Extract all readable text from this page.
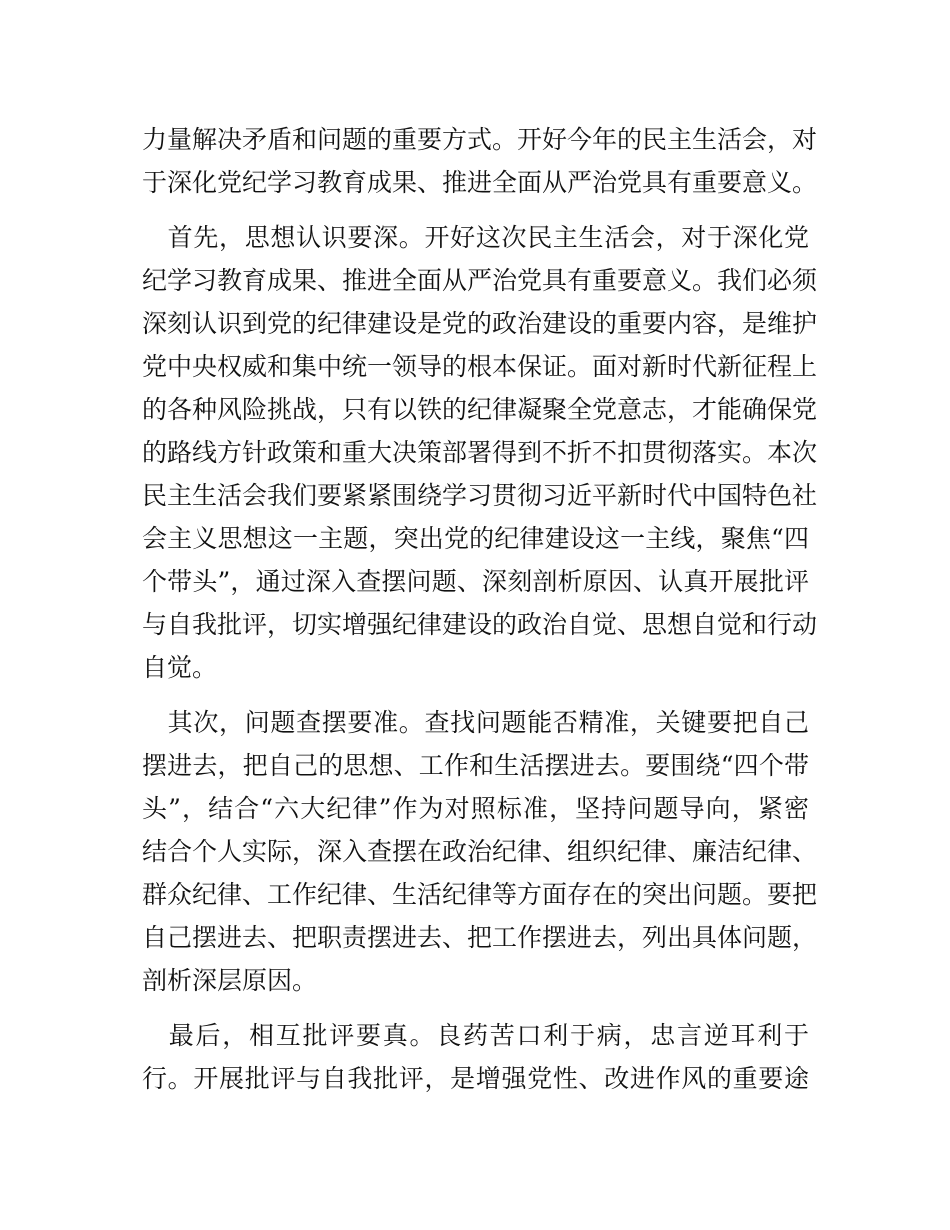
力量解决矛盾和问题的重要方式。开好今年的民主生活会，对
于深化党纪学习教育成果、推进全面从严治党具有重要意义。
　首先，思想认识要深。开好这次民主生活会，对于深化党
纪学习教育成果、推进全面从严治党具有重要意义。我们必须
深刻认识到党的纪律建设是党的政治建设的重要内容，是维护
党中央权威和集中统一领导的根本保证。面对新时代新征程上
的各种风险挑战，只有以铁的纪律凝聚全党意志，才能确保党
的路线方针政策和重大决策部署得到不折不扣贯彻落实。本次
民主生活会我们要紧紧围绕学习贯彻习近平新时代中国特色社
会主义思想这一主题，突出党的纪律建设这一主线，聚焦“四
个带头”，通过深入查摆问题、深刻剖析原因、认真开展批评
与自我批评，切实增强纪律建设的政治自觉、思想自觉和行动
自觉。
　其次，问题查摆要准。查找问题能否精准，关键要把自己
摆进去，把自己的思想、工作和生活摆进去。要围绕“四个带
头”，结合“六大纪律”作为对照标准，坚持问题导向，紧密
结合个人实际，深入查摆在政治纪律、组织纪律、廉洁纪律、
群众纪律、工作纪律、生活纪律等方面存在的突出问题。要把
自己摆进去、把职责摆进去、把工作摆进去，列出具体问题，
剖析深层原因。
　最后，相互批评要真。良药苦口利于病，忠言逆耳利于
行。开展批评与自我批评，是增强党性、改进作风的重要途
